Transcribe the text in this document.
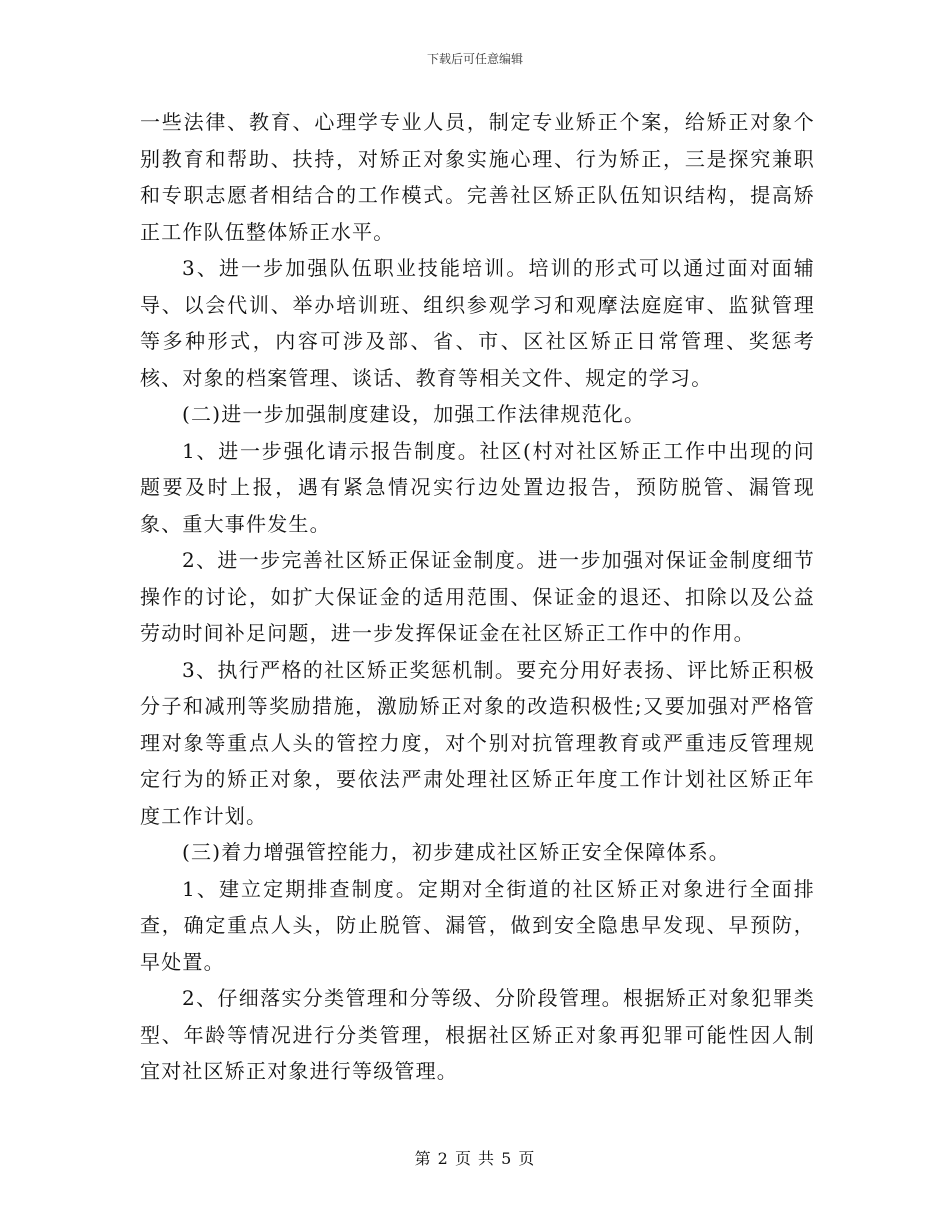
下载后可任意编辑

一些法律、教育、心理学专业人员，制定专业矫正个案，给矫正对象个别教育和帮助、扶持，对矫正对象实施心理、行为矫正，三是探究兼职和专职志愿者相结合的工作模式。完善社区矫正队伍知识结构，提高矫正工作队伍整体矫正水平。

3、进一步加强队伍职业技能培训。培训的形式可以通过面对面辅导、以会代训、举办培训班、组织参观学习和观摩法庭庭审、监狱管理等多种形式，内容可涉及部、省、市、区社区矫正日常管理、奖惩考核、对象的档案管理、谈话、教育等相关文件、规定的学习。

(二)进一步加强制度建设，加强工作法律规范化。

1、进一步强化请示报告制度。社区(村对社区矫正工作中出现的问题要及时上报，遇有紧急情况实行边处置边报告，预防脱管、漏管现象、重大事件发生。

2、进一步完善社区矫正保证金制度。进一步加强对保证金制度细节操作的讨论，如扩大保证金的适用范围、保证金的退还、扣除以及公益劳动时间补足问题，进一步发挥保证金在社区矫正工作中的作用。

3、执行严格的社区矫正奖惩机制。要充分用好表扬、评比矫正积极分子和减刑等奖励措施，激励矫正对象的改造积极性;又要加强对严格管理对象等重点人头的管控力度，对个别对抗管理教育或严重违反管理规定行为的矫正对象，要依法严肃处理社区矫正年度工作计划社区矫正年度工作计划。

(三)着力增强管控能力，初步建成社区矫正安全保障体系。

1、建立定期排查制度。定期对全街道的社区矫正对象进行全面排查，确定重点人头，防止脱管、漏管，做到安全隐患早发现、早预防，早处置。

2、仔细落实分类管理和分等级、分阶段管理。根据矫正对象犯罪类型、年龄等情况进行分类管理，根据社区矫正对象再犯罪可能性因人制宜对社区矫正对象进行等级管理。

第 2 页 共 5 页
